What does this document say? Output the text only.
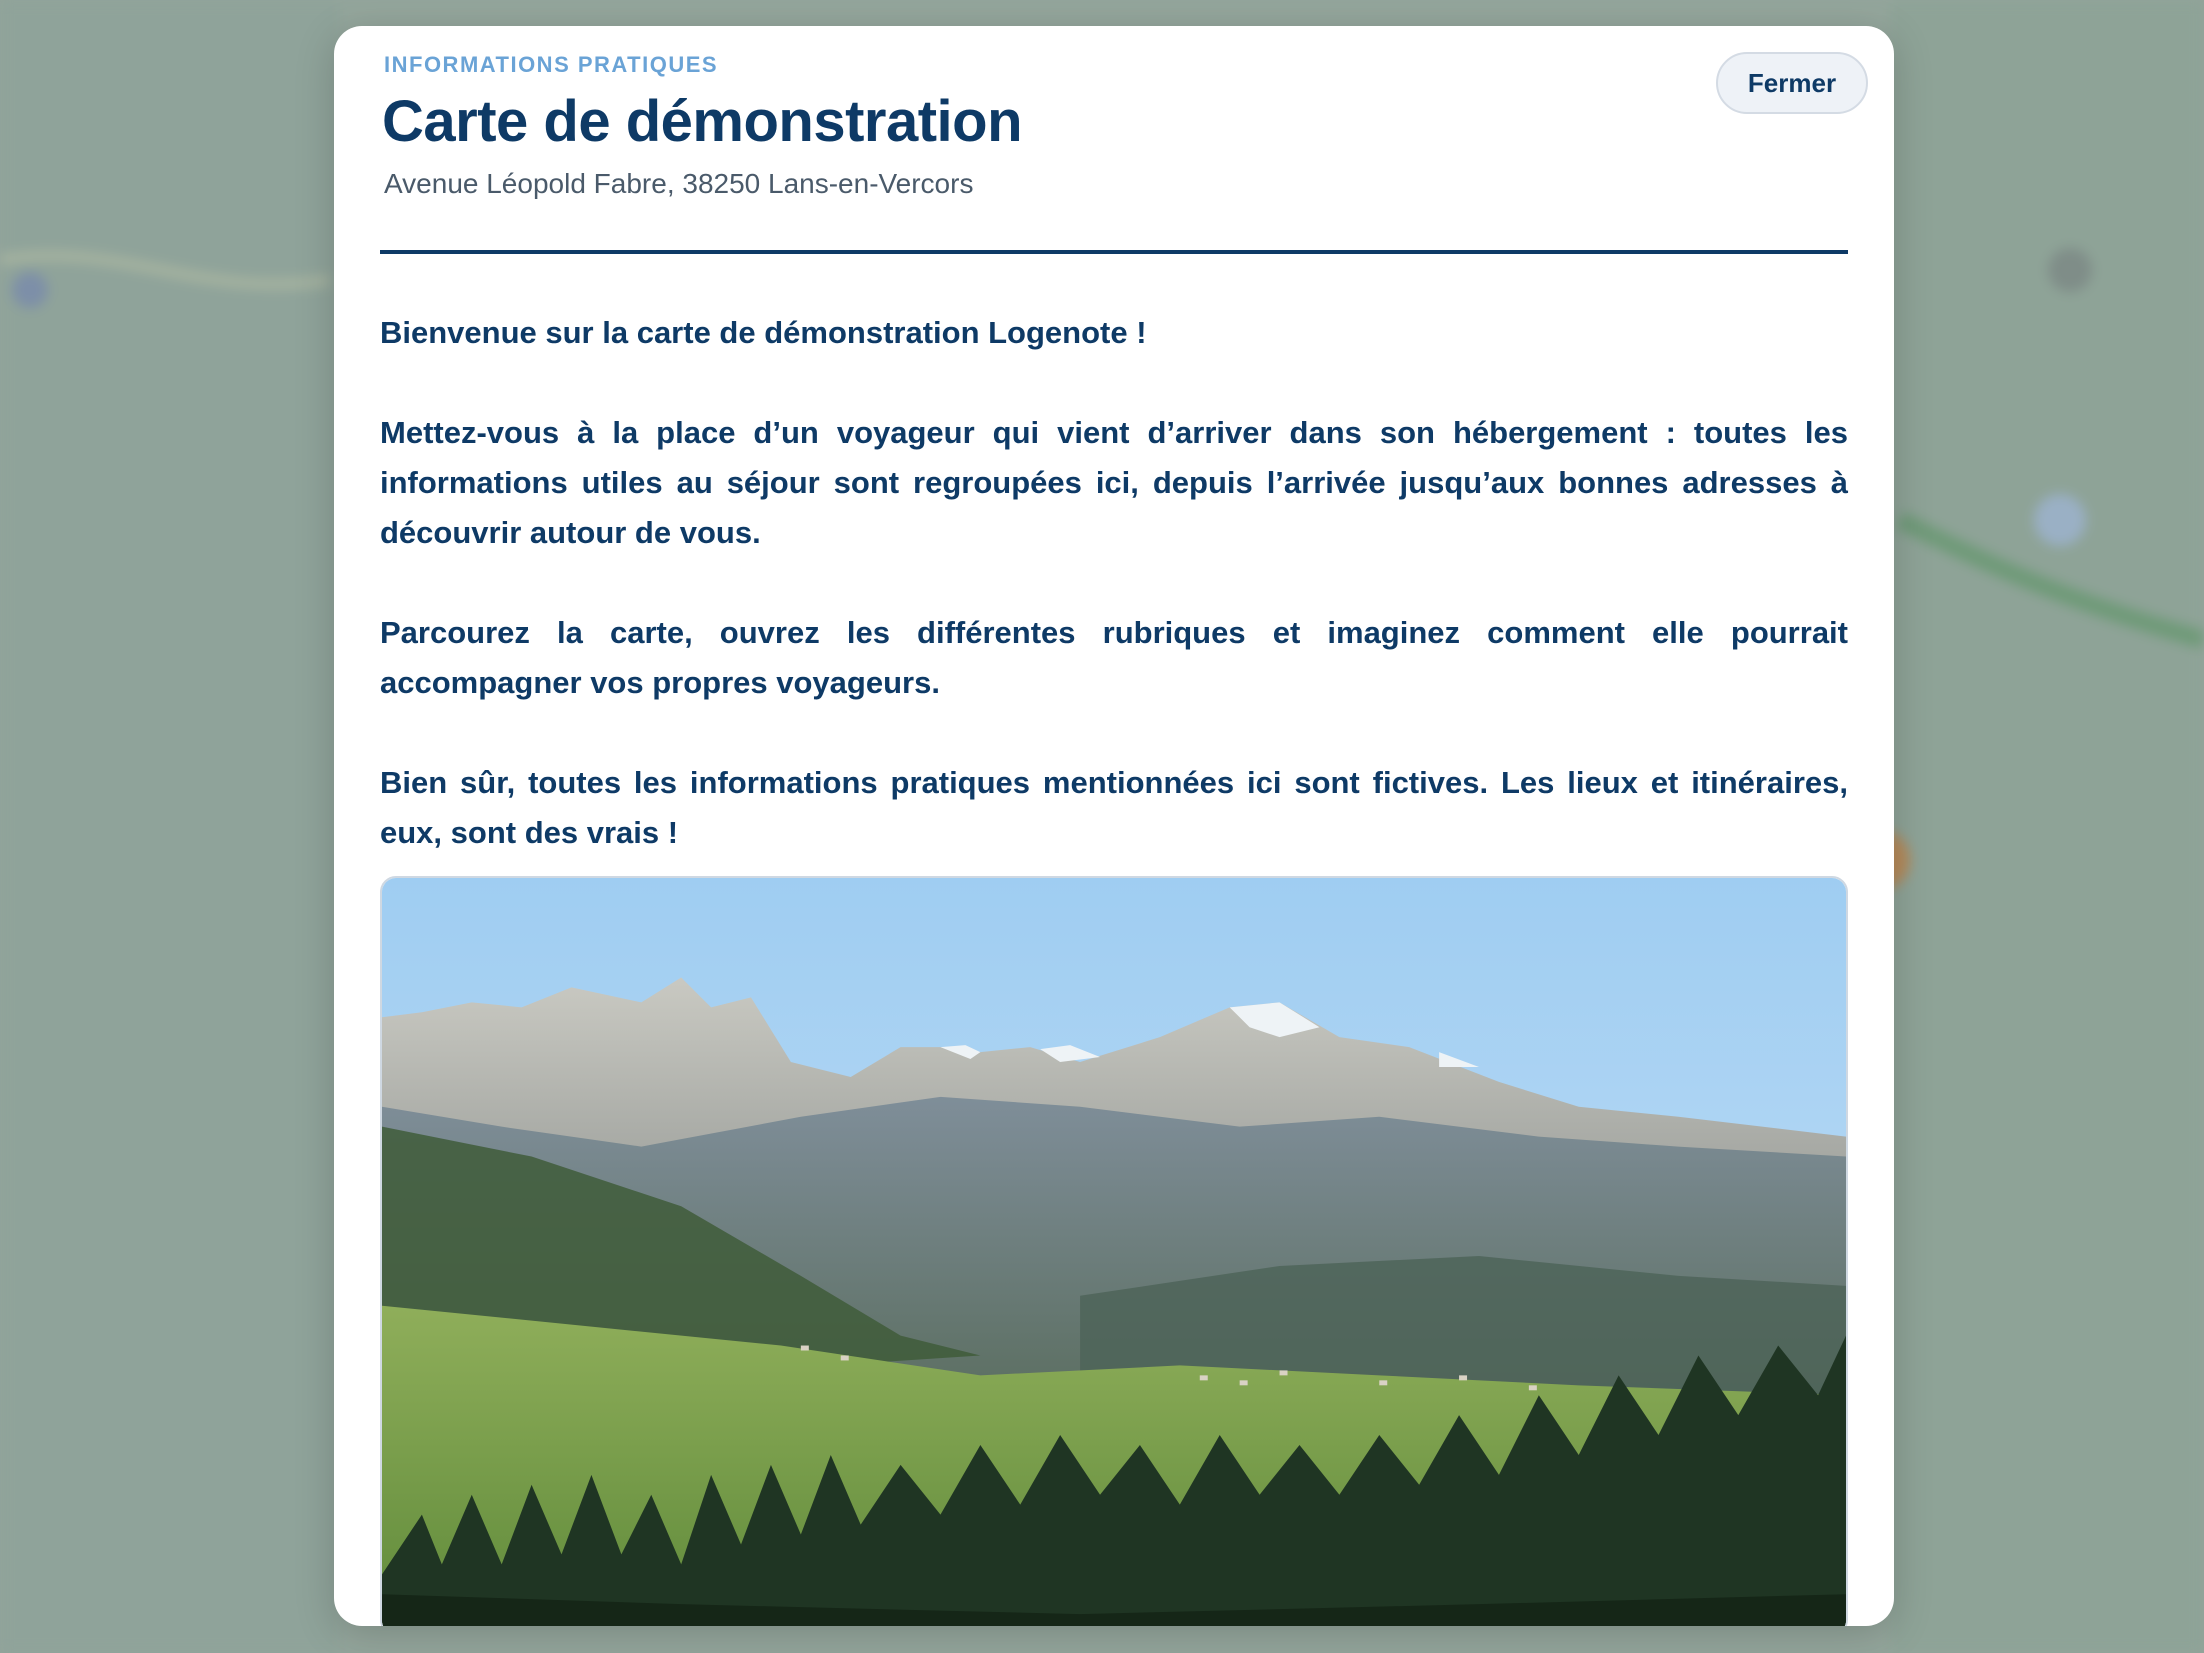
INFORMATIONS PRATIQUES
Carte de démonstration
Avenue Léopold Fabre, 38250 Lans-en-Vercors
Fermer

Bienvenue sur la carte de démonstration Logenote !

Mettez-vous à la place d’un voyageur qui vient d’arriver dans son hébergement : toutes les informations utiles au séjour sont regroupées ici, depuis l’arrivée jusqu’aux bonnes adresses à découvrir autour de vous.

Parcourez la carte, ouvrez les différentes rubriques et imaginez comment elle pourrait accompagner vos propres voyageurs.

Bien sûr, toutes les informations pratiques mentionnées ici sont fictives. Les lieux et itinéraires, eux, sont des vrais !
